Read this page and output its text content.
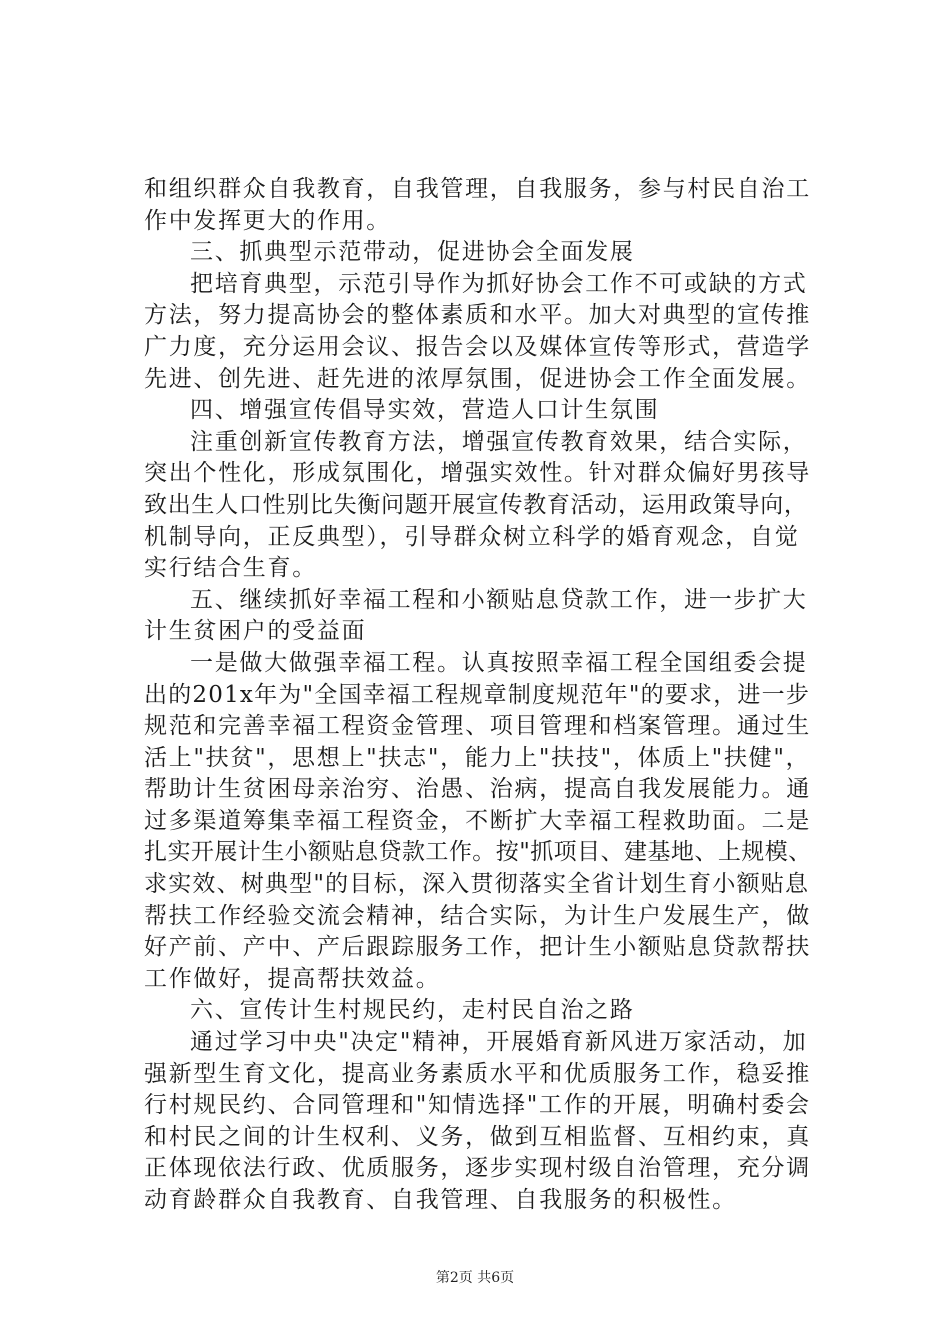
和组织群众自我教育，自我管理，自我服务，参与村民自治工
作中发挥更大的作用。
三、抓典型示范带动，促进协会全面发展
把培育典型，示范引导作为抓好协会工作不可或缺的方式
方法，努力提高协会的整体素质和水平。加大对典型的宣传推
广力度，充分运用会议、报告会以及媒体宣传等形式，营造学
先进、创先进、赶先进的浓厚氛围，促进协会工作全面发展。
四、增强宣传倡导实效，营造人口计生氛围
注重创新宣传教育方法，增强宣传教育效果，结合实际，
突出个性化，形成氛围化，增强实效性。针对群众偏好男孩导
致出生人口性别比失衡问题开展宣传教育活动，运用政策导向，
机制导向，正反典型），引导群众树立科学的婚育观念，自觉
实行结合生育。
五、继续抓好幸福工程和小额贴息贷款工作，进一步扩大
计生贫困户的受益面
一是做大做强幸福工程。认真按照幸福工程全国组委会提
出的201x年为"全国幸福工程规章制度规范年"的要求，进一步
规范和完善幸福工程资金管理、项目管理和档案管理。通过生
活上"扶贫"，思想上"扶志"，能力上"扶技"，体质上"扶健"，
帮助计生贫困母亲治穷、治愚、治病，提高自我发展能力。通
过多渠道筹集幸福工程资金，不断扩大幸福工程救助面。二是
扎实开展计生小额贴息贷款工作。按"抓项目、建基地、上规模、
求实效、树典型"的目标，深入贯彻落实全省计划生育小额贴息
帮扶工作经验交流会精神，结合实际，为计生户发展生产，做
好产前、产中、产后跟踪服务工作，把计生小额贴息贷款帮扶
工作做好，提高帮扶效益。
六、宣传计生村规民约，走村民自治之路
通过学习中央"决定"精神，开展婚育新风进万家活动，加
强新型生育文化，提高业务素质水平和优质服务工作，稳妥推
行村规民约、合同管理和"知情选择"工作的开展，明确村委会
和村民之间的计生权利、义务，做到互相监督、互相约束，真
正体现依法行政、优质服务，逐步实现村级自治管理，充分调
动育龄群众自我教育、自我管理、自我服务的积极性。
第2页 共6页
